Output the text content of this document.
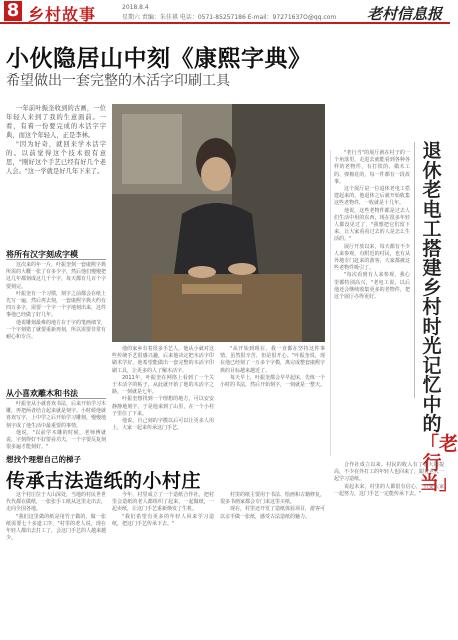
8 乡村故事	2018.8.4
星期六 责编：朱佳祺 电话：0571-85257186 E-mail：97271637O@qq.com 老村信息报
小伙隐居山中刻《康熙字典》
希望做出一套完整的木活字印刷工具

一年前叶振奎收到的古画，一位年轻人来到了我的生意面前。一看，有着一份要完成的木活字字典，而这个年轻人，正是李林。

"因为好奇，就回来学木活字的。以前觉得这个技术很有意思，"刚好这个手艺已经有好几个老人会。"这一学就是好几年下来了。

将所有汉字刻成字模

这次来的年一片，叶振奎刻一套康熙字典所需的大概一张了有多少字，然后他们慢慢把这几年都刻成这几千个字，每天都有几百个字要刻完。

叶振奎有一个习惯，刻字之前都会在纸上先写一遍，然后再去刻，一套康熙字典大约有四万多字，需要一个字一个字地刻出来，这件事他已经做了好几年。

他说雕刻最难的地方在于字的笔画细节，一个字刻错了就要重新再刻，所以需要非常有耐心和专注。

从小喜欢雕木和书法

叶振奎从小就喜欢书法，后来开始学习木雕，再把两者结合起来就是刻字。小时候他就喜欢写字，上中学之后开始学习雕刻，慢慢地刻字成了他生活中最重要的事情。

他说，"以前学木雕的时候，老师傅就说，字刻得好不好要看功夫，一个字要反复刻很多遍才能刻好。"

想找个理想自己的梯子

他的家乡有着很多手艺人，他从小就对这些传统手艺很感兴趣，后来他决定把木活字印刷术学好，他希望能做出一套完整的木活字印刷工具，让更多的人了解木活字。

2011年，叶振奎在网络上看到了一个关于木活字的帖子，从此就开始了他的木活字之路，一刻就是七年。

叶振奎想找到一个理想的地方，可以安安静静地刻字，于是他来到了山里，在一个小村子里住了下来。

他说，自己刻的字模以后可以让更多人用上，大家一起来传承这门手艺。

"从开始到现在，我一直都在坚持这件事情，虽然很辛苦，但是很开心。"叶振奎说，现在他已经刻了一万多个字模，离完成整套康熙字典的目标越来越近了。

每天早上，叶振奎都会早早起床，先练一个小时的书法，然后开始刻字，一刻就是一整天。

"老行当"的展厅就在村子的一个角落里，走进去就能看到各种各样的老物件，有打铁的、做木工的、弹棉花的，每一件都有一段故事。

这个展厅是一位退休老电工搭建起来的，他退休之后就开始收集这些老物件，一收就是十几年。

他说，这些老物件都是过去人们生活中用的东西，现在很多年轻人都没见过了，"我想把它们留下来，让大家看看过去的人是怎么生活的。"

展厅开放以来，每天都有不少人来参观，有附近的村民，也有从外地专门赶来的游客，大家都被这些老物件吸引了。

"每次看到有人来参观，我心里都特别高兴，"老电工说，以后他还会继续收集更多的老物件，把这个展厅办得更好。

退休老电工搭建乡村时光记忆中的「老行当」
传承古法造纸的小村庄

这个村庄位于大山深处，当地的村民世世代代都在做纸，一张张手工纸从这里走出去，走向全国各地。

"我们这里做的纸是用竹子做的，做一张纸需要七十多道工序，"村里的老人说，现在年轻人都出去打工了，会这门手艺的人越来越少。

今年，村里成立了一个造纸合作社，把村里会造纸的老人都组织了起来，一起做纸，一起卖纸，让这门手艺重新焕发了生机。

"我们希望有更多的年轻人回来学习造纸，把这门手艺传承下去。"

村里的纸主要用于书法、绘画和古籍修复，很多书画家都会专门来这里买纸。

现在，村里还开发了造纸体验项目，游客可以亲手做一张纸，感受古法造纸的魅力。

合作社成立以来，村民的收入有了很大的提高，不少在外打工的年轻人也回来了，跟着老人一起学习造纸。

说起未来，村里的人都很有信心，"只要大家一起努力，这门手艺一定能传承下去。"
